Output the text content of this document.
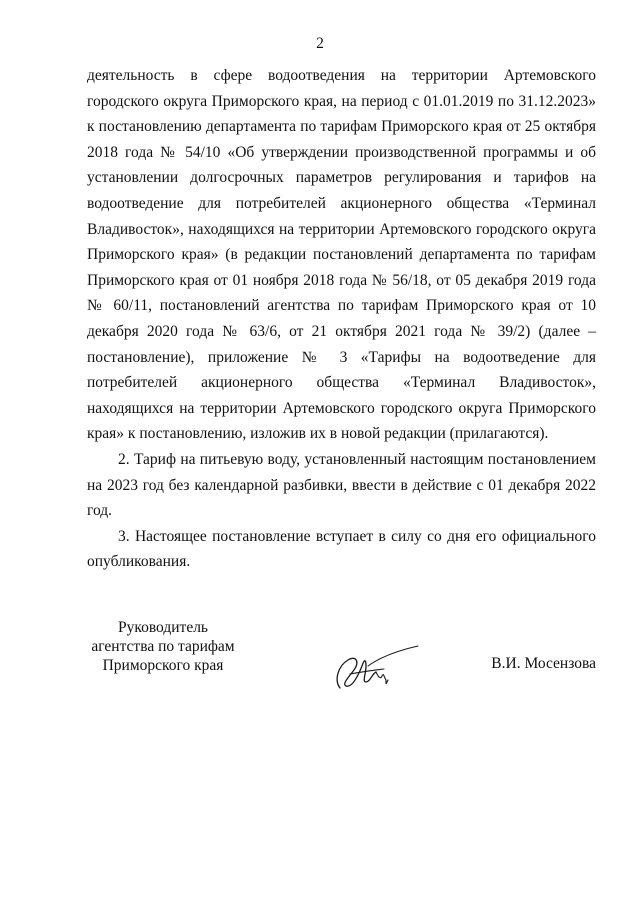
2

деятельность в сфере водоотведения на территории Артемовского городского округа Приморского края, на период с 01.01.2019 по 31.12.2023» к постановлению департамента по тарифам Приморского края от 25 октября 2018 года № 54/10 «Об утверждении производственной программы и об установлении долгосрочных параметров регулирования и тарифов на водоотведение для потребителей акционерного общества «Терминал Владивосток», находящихся на территории Артемовского городского округа Приморского края» (в редакции постановлений департамента по тарифам Приморского края от 01 ноября 2018 года № 56/18, от 05 декабря 2019 года № 60/11, постановлений агентства по тарифам Приморского края от 10 декабря 2020 года № 63/6, от 21 октября 2021 года № 39/2) (далее – постановление), приложение № 3 «Тарифы на водоотведение для потребителей акционерного общества «Терминал Владивосток», находящихся на территории Артемовского городского округа Приморского края» к постановлению, изложив их в новой редакции (прилагаются).

2. Тариф на питьевую воду, установленный настоящим постановлением на 2023 год без календарной разбивки, ввести в действие с 01 декабря 2022 год.

3. Настоящее постановление вступает в силу со дня его официального опубликования.

Руководитель
агентства по тарифам
Приморского края	В.И. Мосензова
